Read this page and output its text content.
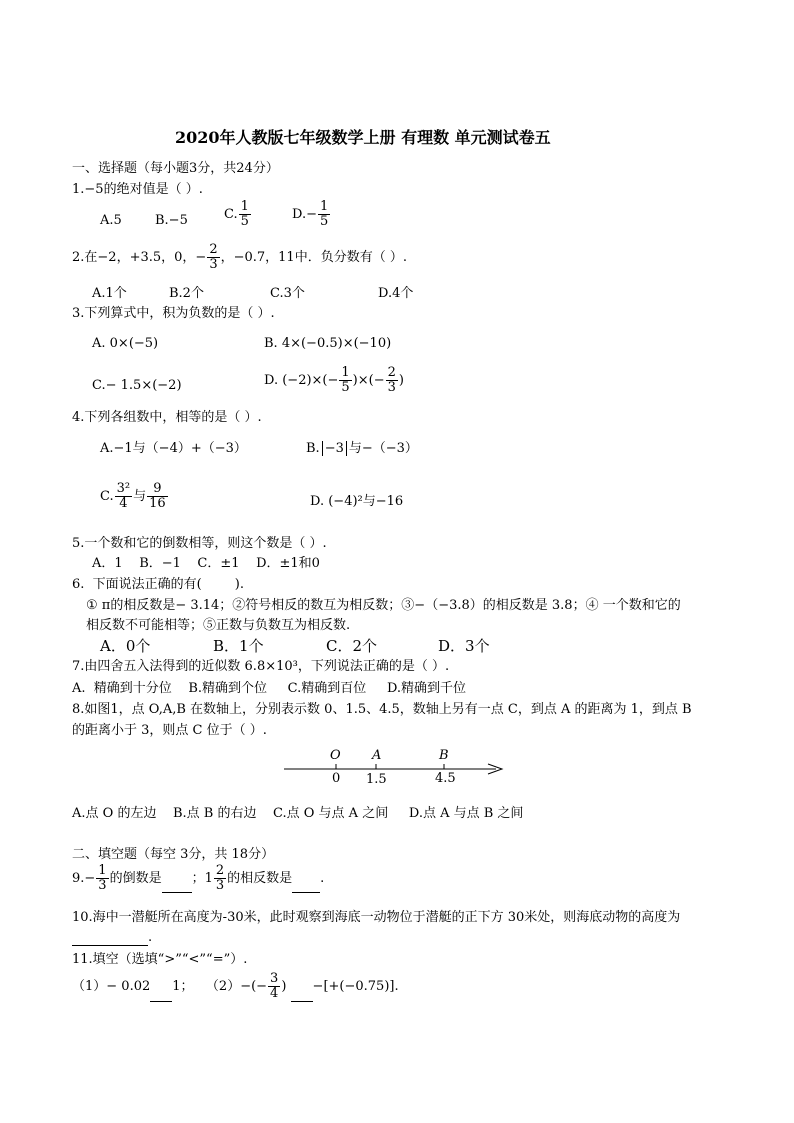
2020年人教版七年级数学上册 有理数 单元测试卷五
一、选择题（每小题3分，共24分）
1.−5的绝对值是（ ）.
A.5	B.−5	C. $\frac{1}{5}$	$D.- \frac{1}{5}$
2.在−2，+3.5，0，− $\frac{2}{3}$ ，−0.7，11中．负分数有（ ）.
A.1个	B.2个	C.3个	D.4个
3.下列算式中，积为负数的是（ ）.
A. 0×(−5)	B. 4×(−0.5)×(−10)
C.− 1.5×(−2)	D. $(-2)\times(- \frac{1}{5}$ )×(− $\frac{2}{3}$ )
4.下列各组数中，相等的是（ ）.
A.−1与（−4）+（−3）	B. −3 与−（−3）
C. $\frac{\text{3²}}{4}$ 与 $\frac{9}{16}$	D. (−4)²与−16
5.一个数和它的倒数相等，则这个数是（ ）.
A．1    B．−1    C．±1    D．±1和0
6.  下面说法正确的有(        ).
① π的相反数是− 3.14；②符号相反的数互为相反数；③−（−3.8）的相反数是 3.8；④ 一个数和它的
相反数不可能相等；⑤正数与负数互为相反数.
A．0个	B．1个	C．2个	D．3个
7.由四舍五入法得到的近似数 6.8×10³，下列说法正确的是（ ）.
A.  精确到十分位    B.精确到个位     C.精确到百位     D.精确到千位
8.如图1，点 O,A,B 在数轴上，分别表示数 0、1.5、4.5，数轴上另有一点 C，到点 A 的距离为 1，到点 B
的距离小于 3，则点 C 位于（ ）.
O A	B
0 1.5	4.5
A.点 O 的左边    B.点 B 的右边    C.点 O 与点 A 之间     D.点 A 与点 B 之间
二、填空题（每空 3分，共 18分）
$9.- \frac{1}{3}$ 的倒数是 ；$1 \frac{2}{3}$ 的相反数是 .
10.海中一潜艇所在高度为-30米，此时观察到海底一动物位于潜艇的正下方 30米处，则海底动物的高度为
.
11.填空（选填“>”“<”“=”）.
（1）− 0.02 1；   $(2)-(- \frac{3}{4}$ ) −[+(−0.75)].
